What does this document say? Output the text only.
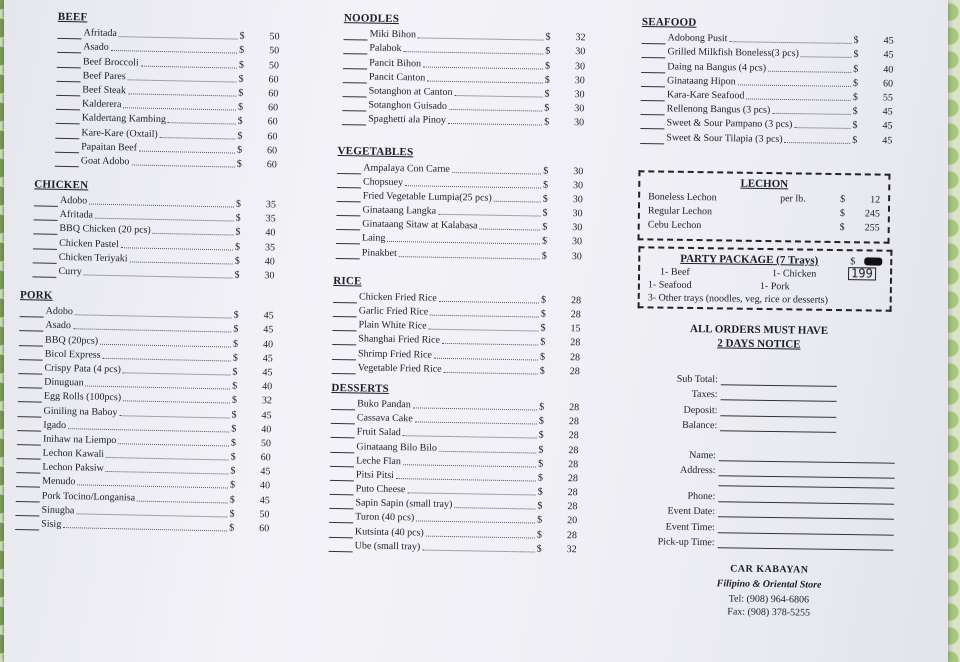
BEEF
Afritada	$	50
Asado	$	50
Beef Broccoli	$	50
Beef Pares	$	60
Beef Steak	$	60
Kalderera	$	60
Kaldertang Kambing	$	60
Kare-Kare (Oxtail)	$	60
Papaitan Beef	$	60
Goat Adobo	$	60
CHICKEN
Adobo	$	35
Afritada	$	35
BBQ Chicken (20 pcs)	$	40
Chicken Pastel	$	35
Chicken Teriyaki	$	40
Curry	$	30
PORK
Adobo	$	45
Asado	$	45
BBQ (20pcs)	$	40
Bicol Express	$	45
Crispy Pata (4 pcs)	$	45
Dinuguan	$	40
Egg Rolls (100pcs)	$	32
Giniling na Baboy	$	45
Igado	$	40
Inihaw na Liempo	$	50
Lechon Kawali	$	60
Lechon Paksiw	$	45
Menudo	$	40
Pork Tocino/Longanisa	$	45
Sinugba	$	50
Sisig	$	60
NOODLES
Miki Bihon	$	32
Palabok	$	30
Pancit Bihon	$	30
Pancit Canton	$	30
Sotanghon at Canton	$	30
Sotanghon Guisado	$	30
Spaghetti ala Pinoy	$	30
VEGETABLES
Ampalaya Con Carne	$	30
Chopsuey	$	30
Fried Vegetable Lumpia(25 pcs)	$	30
Ginataang Langka	$	30
Ginataang Sitaw at Kalabasa	$	30
Laing	$	30
Pinakbet	$	30
RICE
Chicken Fried Rice	$	28
Garlic Fried Rice	$	28
Plain White Rice	$	15
Shanghai Fried Rice	$	28
Shrimp Fried Rice	$	28
Vegetable Fried Rice	$	28
DESSERTS
Buko Pandan	$	28
Cassava Cake	$	28
Fruit Salad	$	28
Ginataang Bilo Bilo	$	28
Leche Flan	$	28
Pitsi Pitsi	$	28
Puto Cheese	$	28
Sapin Sapin (small tray)	$	28
Turon (40 pcs)	$	20
Kutsinta (40 pcs)	$	28
Ube (small tray)	$	32
SEAFOOD
Adobong Pusit	$	45
Grilled Milkfish Boneless(3 pcs)	$	45
Daing na Bangus (4 pcs)	$	40
Ginataang Hipon	$	60
Kara-Kare Seafood	$	55
Rellenong Bangus (3 pcs)	$	45
Sweet & Sour Pampano (3 pcs)	$	45
Sweet & Sour Tilapia (3 pcs)	$	45
LECHON
Boneless Lechon	per lb.	$	12
Regular Lechon	$	245
Cebu Lechon	$	255
PARTY PACKAGE (7 Trays)	$
1- Beef	1- Chicken	199
1- Seafood	1- Pork
3- Other trays (noodles, veg, rice or desserts)
ALL ORDERS MUST HAVE
2 DAYS NOTICE
Sub Total:
Taxes:
Deposit:
Balance:
Name:
Address:
Phone:
Event Date:
Event Time:
Pick-up Time:
CAR KABAYAN
Filipino & Oriental Store
Tel: (908) 964-6806
Fax: (908) 378-5255
